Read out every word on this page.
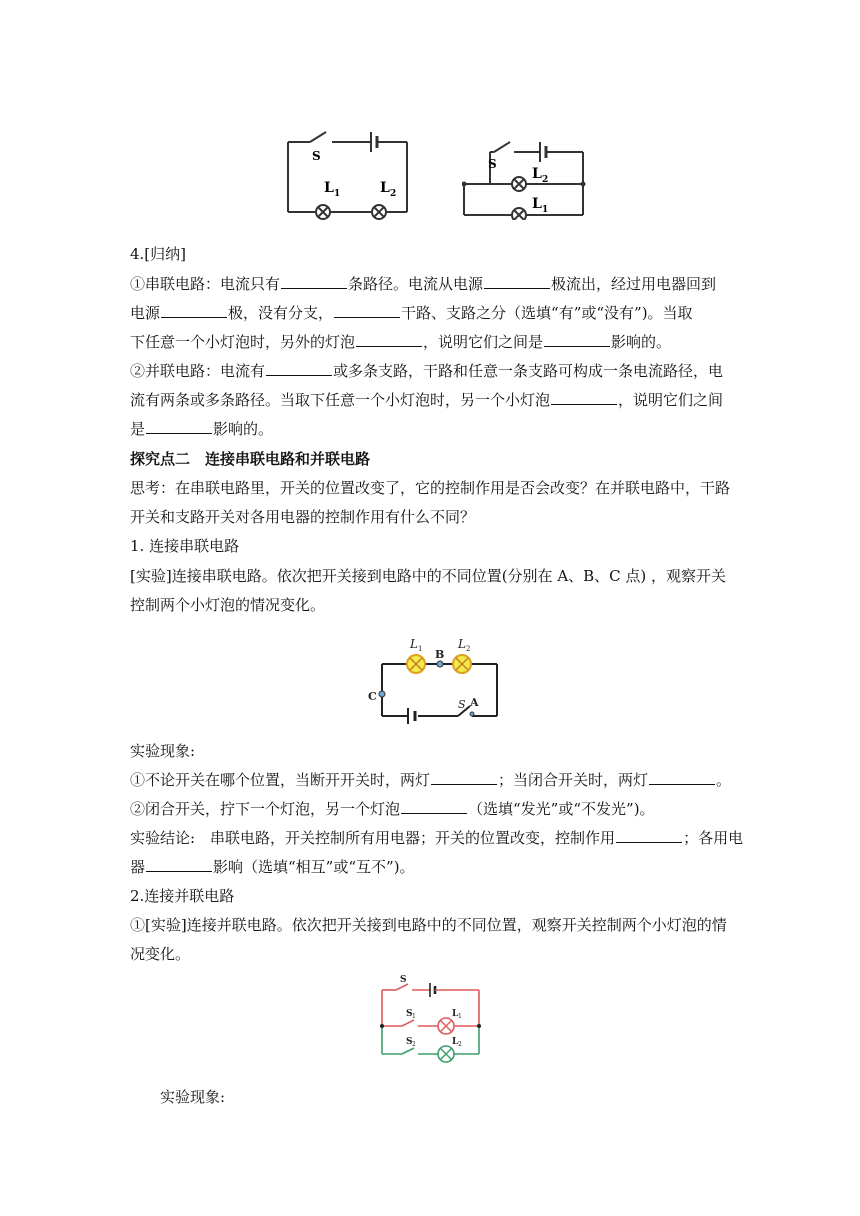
S
L 1	L 2
S
L 2
L 1
4.[归纳]
①串联电路：电流只有	条路径。电流从电源	极流出，经过用电器回到
电源	极，没有分支，	干路、支路之分（选填“有”或“没有”)。当取
下任意一个小灯泡时，另外的灯泡	，说明它们之间是	影响的。
②并联电路：电流有	或多条支路，干路和任意一条支路可构成一条电流路径，电
流有两条或多条路径。当取下任意一个小灯泡时，另一个小灯泡	，说明它们之间
是	影响的。
探究点二　连接串联电路和并联电路
思考：在串联电路里，开关的位置改变了，它的控制作用是否会改变？在并联电路中，干路
开关和支路开关对各用电器的控制作用有什么不同？
1. 连接串联电路
[实验]连接串联电路。依次把开关接到电路中的不同位置(分别在 A、B、C 点) ，观察开关
控制两个小灯泡的情况变化。
L 1	L 2
B
C
S A
实验现象:
①不论开关在哪个位置，当断开开关时，两灯	；当闭合开关时，两灯	。
②闭合开关，拧下一个灯泡，另一个灯泡	（选填“发光”或“不发光”)。
实验结论:　串联电路，开关控制所有用电器；开关的位置改变，控制作用	；各用电
器	影响（选填“相互”或“互不”)。
2.连接并联电路
①[实验]连接并联电路。依次把开关接到电路中的不同位置，观察开关控制两个小灯泡的情
况变化。
S
S 1	L 1
S 2	L 2
实验现象:
